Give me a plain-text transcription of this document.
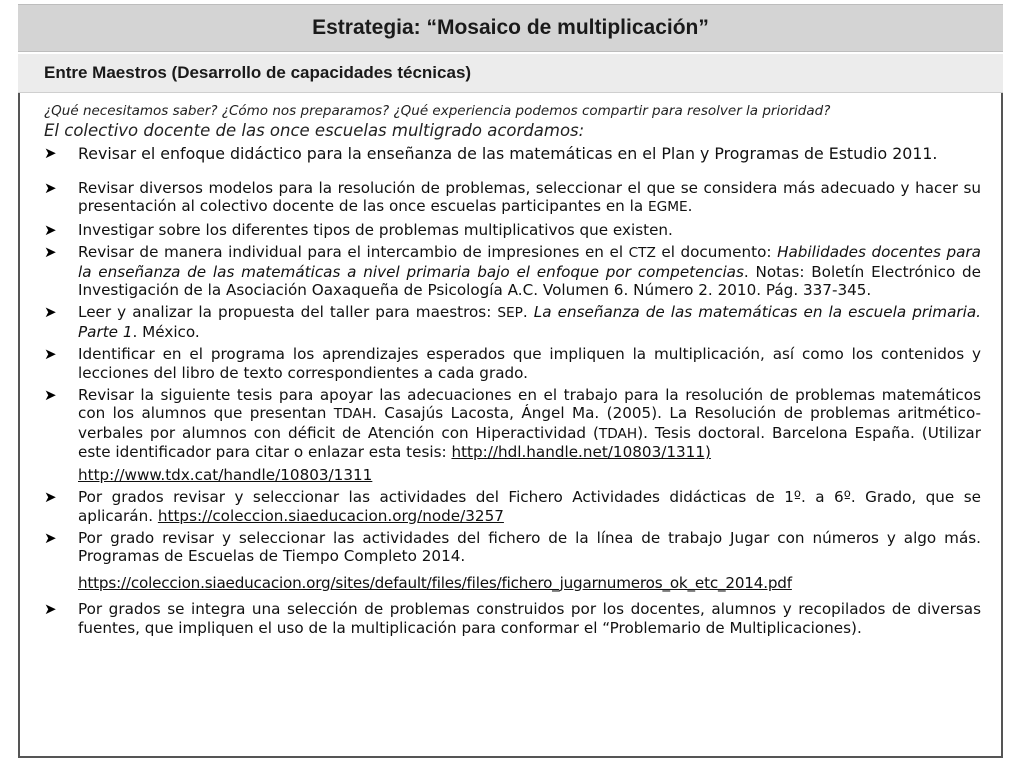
Estrategia: “Mosaico de multiplicación”
Entre Maestros (Desarrollo de capacidades técnicas)
¿Qué necesitamos saber? ¿Cómo nos preparamos? ¿Qué experiencia podemos compartir para resolver la prioridad?
El colectivo docente de las once escuelas multigrado acordamos:
➤	Revisar el enfoque didáctico para la enseñanza de las matemáticas en el Plan y Programas de Estudio 2011.
➤	Revisar diversos modelos para la resolución de problemas, seleccionar el que se considera más adecuado y hacer su presentación al colectivo docente de las once escuelas participantes en la EGME.
➤	Investigar sobre los diferentes tipos de problemas multiplicativos que existen.
➤	Revisar de manera individual para el intercambio de impresiones en el CTZ el documento: Habilidades docentes para la enseñanza de las matemáticas a nivel primaria bajo el enfoque por competencias. Notas: Boletín Electrónico de Investigación de la Asociación Oaxaqueña de Psicología A.C. Volumen 6. Número 2. 2010. Pág. 337-345.
➤	Leer y analizar la propuesta del taller para maestros: SEP. La enseñanza de las matemáticas en la escuela primaria. Parte 1. México.
➤	Identificar en el programa los aprendizajes esperados que impliquen la multiplicación, así como los contenidos y lecciones del libro de texto correspondientes a cada grado.
➤	Revisar la siguiente tesis para apoyar las adecuaciones en el trabajo para la resolución de problemas matemáticos con los alumnos que presentan TDAH. Casajús Lacosta, Ángel Ma. (2005). La Resolución de problemas aritmético-verbales por alumnos con déficit de Atención con Hiperactividad (TDAH). Tesis doctoral. Barcelona España. (Utilizar este identificador para citar o enlazar esta tesis: http://hdl.handle.net/10803/1311)
http://www.tdx.cat/handle/10803/1311
➤	Por grados revisar y seleccionar las actividades del Fichero Actividades didácticas de 1º. a 6º. Grado, que se aplicarán. https://coleccion.siaeducacion.org/node/3257
➤	Por grado revisar y seleccionar las actividades del fichero de la línea de trabajo Jugar con números y algo más. Programas de Escuelas de Tiempo Completo 2014.
https://coleccion.siaeducacion.org/sites/default/files/files/fichero_jugarnumeros_ok_etc_2014.pdf
➤	Por grados se integra una selección de problemas construidos por los docentes, alumnos y recopilados de diversas fuentes, que impliquen el uso de la multiplicación para conformar el “Problemario de Multiplicaciones).
